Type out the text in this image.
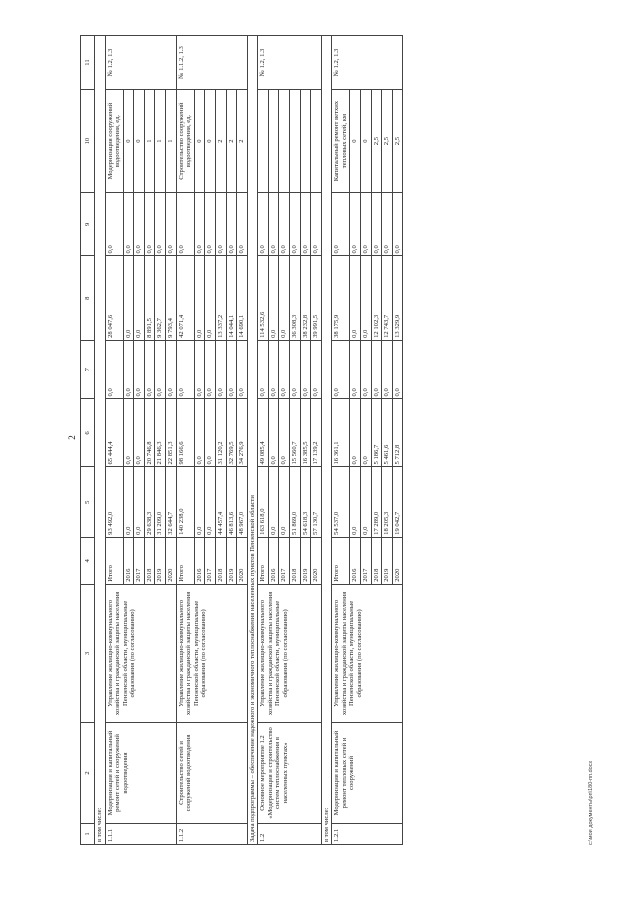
2
1	2	3	4	5	6	7	8	9	10	11
в том числе:										
1.1.1	Модернизация и капитальный ремонт сетей и сооружений водоотведения	Управление жилищно-коммунального хозяйства и гражданской защиты населения Пензенской области, муниципальные образования (по согласованию)	Итого	93 492,0	65 444,4	0,0	28 047,6	0,0	Модернизация сооружений водоотведения, ед.	№ 1.2, 1.3
			2016	0,0	0,0	0,0	0,0	0,0	0	
			2017	0,0	0,0	0,0	0,0	0,0	0	
			2018	29 638,3	20 746,8	0,0	8 891,5	0,0	1	
			2019	31 209,0	21 846,3	0,0	9 362,7	0,0	1	
			2020	32 644,7	22 851,3	0,0	9 793,4	0,0	1	
1.1.2	Строительство сетей и сооружений водоотведения	Управление жилищно-коммунального хозяйства и гражданской защиты населения Пензенской области, муниципальные образования (по согласованию)	Итого	140 238,0	98 166,6	0,0	42 071,4	0,0	Строительство сооружений водоотведения, ед.	№ 1.1.2, 1.3
			2016	0,0	0,0	0,0	0,0	0,0	0	
			2017	0,0	0,0	0,0	0,0	0,0	0	
			2018	44 457,4	31 120,2	0,0	13 337,2	0,0	2	
			2019	46 813,6	32 769,5	0,0	14 044,1	0,0	2	
			2020	48 967,0	34 276,9	0,0	14 690,1	0,0	2	
Задача подпрограммы – обеспечение надежного и экономичного теплоснабжения населенных пунктов Пензенской области										
1.2	Основное мероприятие 1.2 «Модернизация и строительство систем теплоснабжения в населенных пунктах»	Управление жилищно-коммунального хозяйства и гражданской защиты населения Пензенской области, муниципальные образования (по согласованию)	Итого	163 618,0	49 085,4	0,0	114 532,6	0,0		№ 1.2, 1.3
			2016	0,0	0,0	0,0	0,0	0,0		
			2017	0,0	0,0	0,0	0,0	0,0		
			2018	51 869,0	15 560,7	0,0	36 308,3	0,0		
			2019	54 618,3	16 385,5	0,0	38 232,8	0,0		
			2020	57 130,7	17 139,2	0,0	39 991,5	0,0		
в том числе:										
1.2.1	Модернизация и капитальный ремонт тепловых сетей и сооружений	Управление жилищно-коммунального хозяйства и гражданской защиты населения Пензенской области, муниципальные образования (по согласованию)	Итого	54 537,0	16 361,1	0,0	38 175,9	0,0	Капитальный ремонт ветхих тепловых сетей, км	№ 1.2, 1.3
			2016	0,0	0,0	0,0	0,0	0,0	0	
			2017	0,0	0,0	0,0	0,0	0,0	0	
			2018	17 289,0	5 186,7	0,0	12 102,3	0,0	2,5	
			2019	18 205,3	5 461,6	0,0	12 743,7	0,0	2,5	
			2020	19 042,7	5 712,8	0,0	13 329,9	0,0	2,5	
c:\мои документы\рп\180-пп.docx
